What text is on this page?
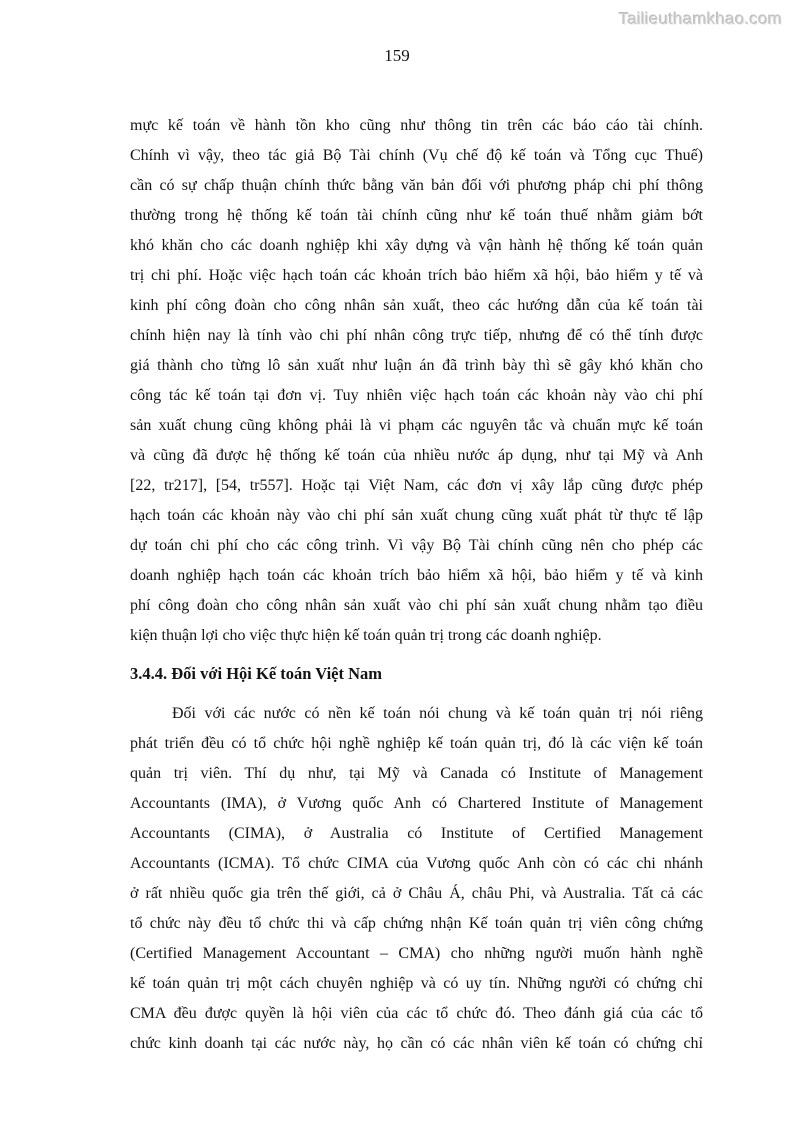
Tailieuthamkhao.com
159
mực kế toán về hành tồn kho cũng như thông tin trên các báo cáo tài chính.
Chính vì vậy, theo tác giả Bộ Tài chính (Vụ chế độ kế toán và Tổng cục Thuế)
cần có sự chấp thuận chính thức bằng văn bản đối với phương pháp chi phí thông
thường trong hệ thống kế toán tài chính cũng như kế toán thuế nhằm giảm bớt
khó khăn cho các doanh nghiệp khi xây dựng và vận hành hệ thống kế toán quản
trị chi phí. Hoặc việc hạch toán các khoản trích bảo hiểm xã hội, bảo hiểm y tế và
kinh phí công đoàn cho công nhân sản xuất, theo các hướng dẫn của kế toán tài
chính hiện nay là tính vào chi phí nhân công trực tiếp, nhưng để có thể tính được
giá thành cho từng lô sản xuất như luận án đã trình bày thì sẽ gây khó khăn cho
công tác kế toán tại đơn vị. Tuy nhiên việc hạch toán các khoản này vào chi phí
sản xuất chung cũng không phải là vi phạm các nguyên tắc và chuẩn mực kế toán
và cũng đã được hệ thống kế toán của nhiều nước áp dụng, như tại Mỹ và Anh
[22, tr217], [54, tr557]. Hoặc tại Việt Nam, các đơn vị xây lắp cũng được phép
hạch toán các khoản này vào chi phí sản xuất chung cũng xuất phát từ thực tế lập
dự toán chi phí cho các công trình. Vì vậy Bộ Tài chính cũng nên cho phép các
doanh nghiệp hạch toán các khoản trích bảo hiểm xã hội, bảo hiểm y tế và kinh
phí công đoàn cho công nhân sản xuất vào chi phí sản xuất chung nhằm tạo điều
kiện thuận lợi cho việc thực hiện kế toán quản trị trong các doanh nghiệp.
3.4.4. Đối với Hội Kế toán Việt Nam
Đối với các nước có nền kế toán nói chung và kế toán quản trị nói riêng
phát triển đều có tổ chức hội nghề nghiệp kế toán quản trị, đó là các viện kế toán
quản trị viên. Thí dụ như, tại Mỹ và Canada có Institute of Management
Accountants (IMA), ở Vương quốc Anh có Chartered Institute of Management
Accountants (CIMA), ở Australia có Institute of Certified Management
Accountants (ICMA). Tổ chức CIMA của Vương quốc Anh còn có các chi nhánh
ở rất nhiều quốc gia trên thế giới, cả ở Châu Á, châu Phi, và Australia. Tất cả các
tổ chức này đều tổ chức thi và cấp chứng nhận Kế toán quản trị viên công chứng
(Certified Management Accountant – CMA) cho những người muốn hành nghề
kế toán quản trị một cách chuyên nghiệp và có uy tín. Những người có chứng chỉ
CMA đều được quyền là hội viên của các tổ chức đó. Theo đánh giá của các tổ
chức kinh doanh tại các nước này, họ cần có các nhân viên kế toán có chứng chỉ
